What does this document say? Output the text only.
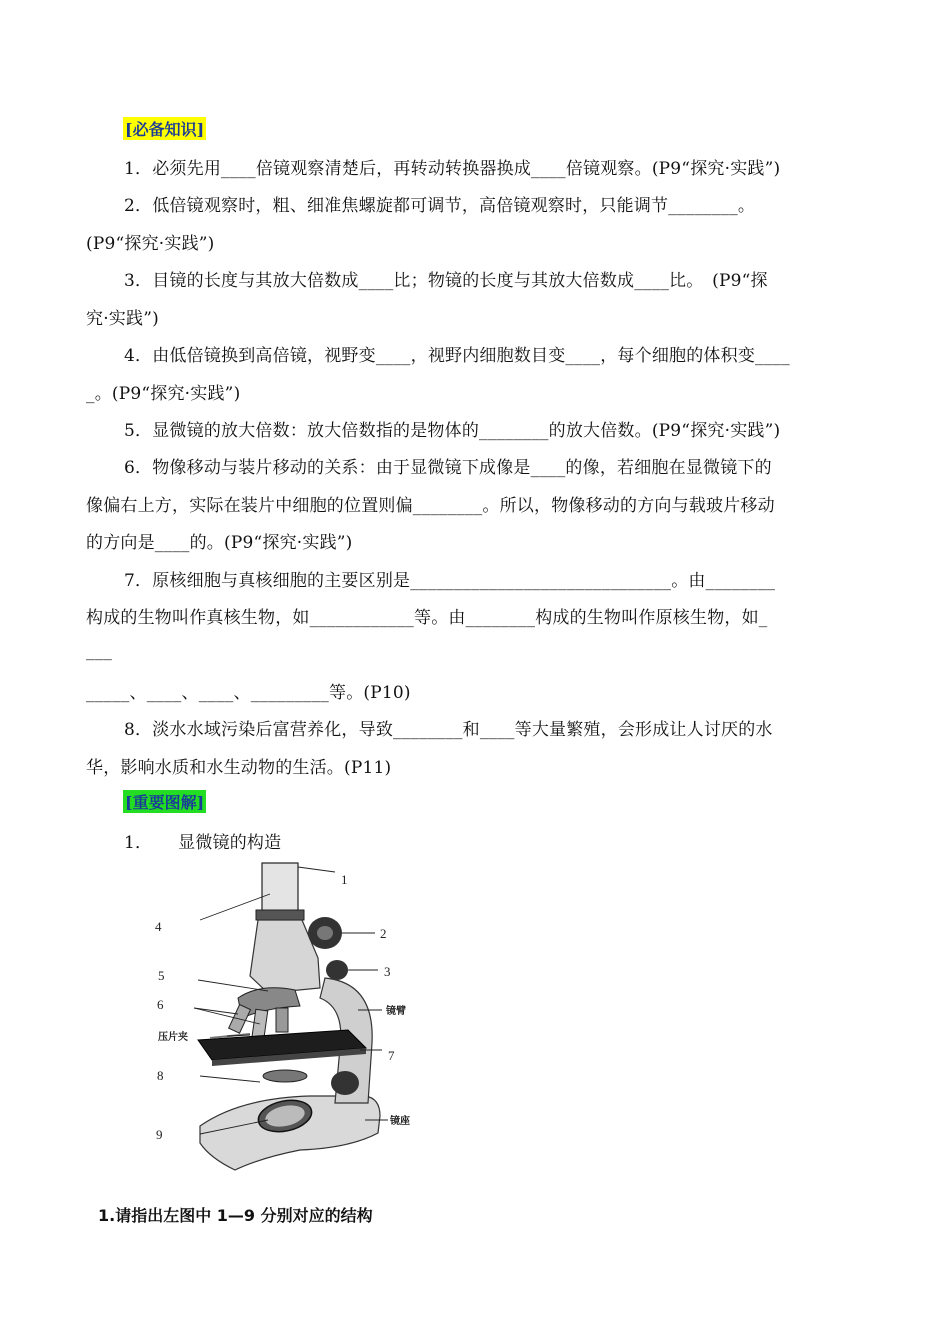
[必备知识]
1．必须先用____倍镜观察清楚后，再转动转换器换成____倍镜观察。(P9“探究·实践”)
2．低倍镜观察时，粗、细准焦螺旋都可调节，高倍镜观察时，只能调节________。
(P9“探究·实践”)
3．目镜的长度与其放大倍数成____比；物镜的长度与其放大倍数成____比。　(P9“探
究·实践”)
4．由低倍镜换到高倍镜，视野变____，视野内细胞数目变____，每个细胞的体积变____
_。(P9“探究·实践”)
5．显微镜的放大倍数：放大倍数指的是物体的________的放大倍数。(P9“探究·实践”)
6．物像移动与装片移动的关系：由于显微镜下成像是____的像，若细胞在显微镜下的
像偏右上方，实际在装片中细胞的位置则偏________。所以，物像移动的方向与载玻片移动
的方向是____的。(P9“探究·实践”)
7．原核细胞与真核细胞的主要区别是______________________________。由________
构成的生物叫作真核生物，如____________等。由________构成的生物叫作原核生物，如_
___
_____、____、____、_________等。(P10)
8．淡水水域污染后富营养化，导致________和____等大量繁殖，会形成让人讨厌的水
华，影响水质和水生动物的生活。(P11)
[重要图解]
1．　　显微镜的构造
1
4	2
3
5
6
压片夹
镜臂
7
8
镜座
9
1.请指出左图中 1—9 分别对应的结构
